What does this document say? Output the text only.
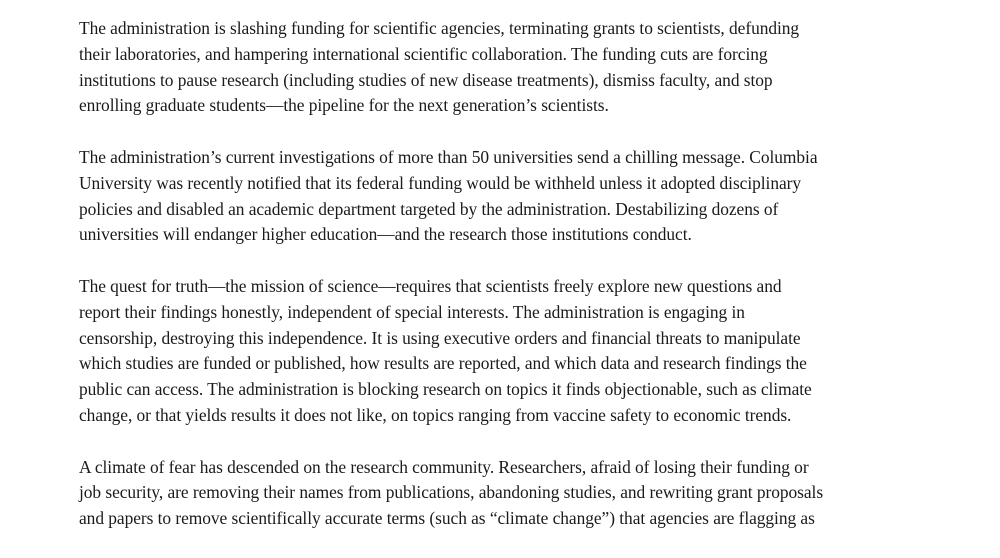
The administration is slashing funding for scientific agencies, terminating grants to scientists, defunding
their laboratories, and hampering international scientific collaboration. The funding cuts are forcing
institutions to pause research (including studies of new disease treatments), dismiss faculty, and stop
enrolling graduate students—the pipeline for the next generation’s scientists.
The administration’s current investigations of more than 50 universities send a chilling message. Columbia
University was recently notified that its federal funding would be withheld unless it adopted disciplinary
policies and disabled an academic department targeted by the administration. Destabilizing dozens of
universities will endanger higher education—and the research those institutions conduct.
The quest for truth—the mission of science—requires that scientists freely explore new questions and
report their findings honestly, independent of special interests. The administration is engaging in
censorship, destroying this independence. It is using executive orders and financial threats to manipulate
which studies are funded or published, how results are reported, and which data and research findings the
public can access. The administration is blocking research on topics it finds objectionable, such as climate
change, or that yields results it does not like, on topics ranging from vaccine safety to economic trends.
A climate of fear has descended on the research community. Researchers, afraid of losing their funding or
job security, are removing their names from publications, abandoning studies, and rewriting grant proposals
and papers to remove scientifically accurate terms (such as “climate change”) that agencies are flagging as
